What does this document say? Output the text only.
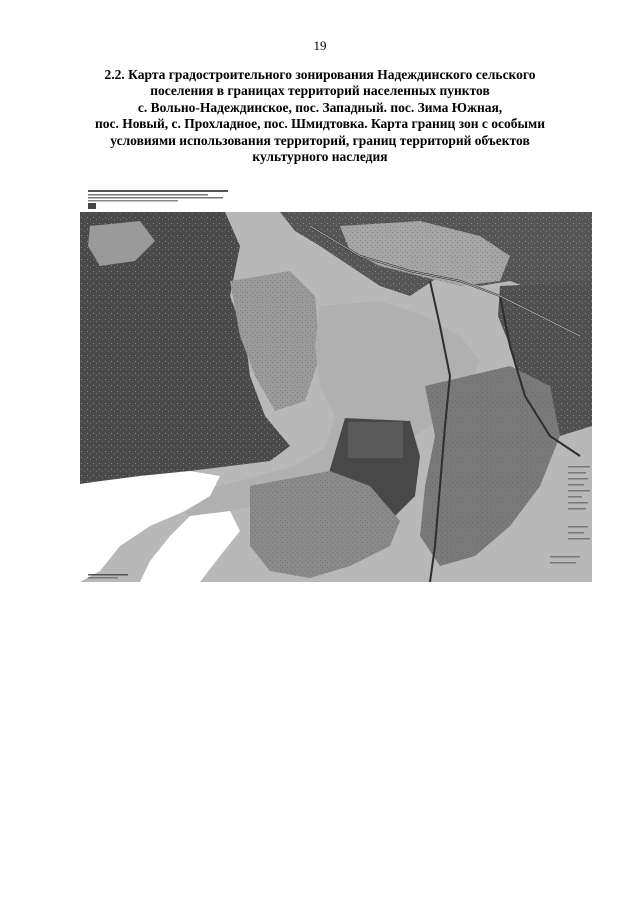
19
2.2. Карта градостроительного зонирования Надеждинского сельского
поселения в границах территорий населенных пунктов
с. Вольно-Надеждинское, пос. Западный. пос. Зима Южная,
пос. Новый, с. Прохладное, пос. Шмидтовка. Карта границ зон с особыми
условиями использования территорий, границ территорий объектов
культурного наследия
